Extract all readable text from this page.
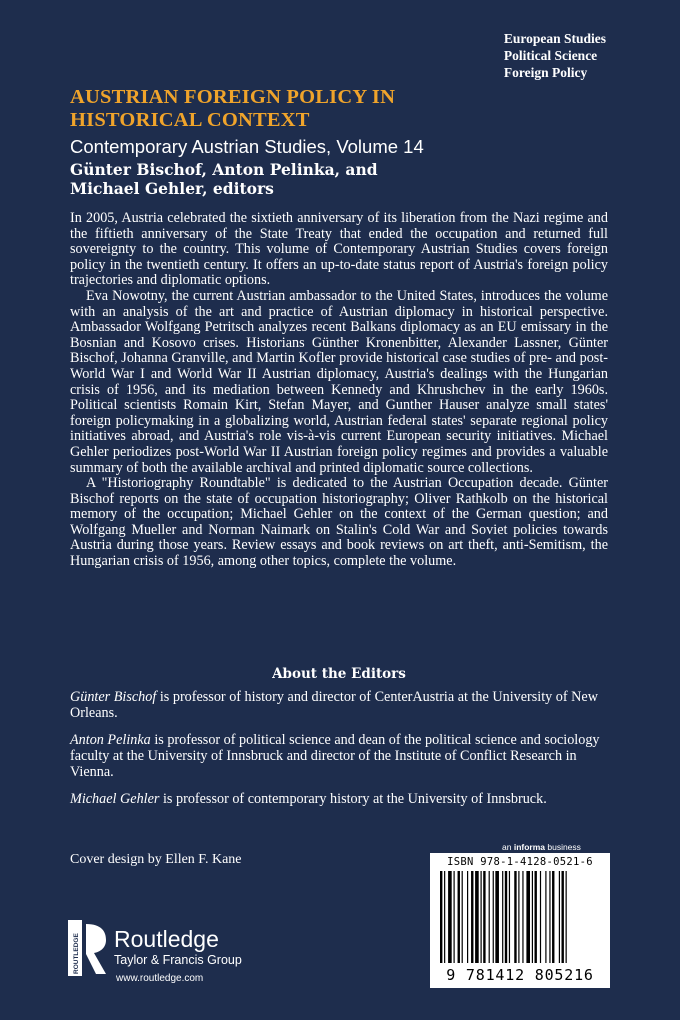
European Studies
Political Science
Foreign Policy
AUSTRIAN FOREIGN POLICY IN HISTORICAL CONTEXT
Contemporary Austrian Studies, Volume 14
Günter Bischof, Anton Pelinka, and Michael Gehler, editors

In 2005, Austria celebrated the sixtieth anniversary of its liberation from the Nazi regime and the fiftieth anniversary of the State Treaty that ended the occupation and returned full sovereignty to the country. This volume of Contemporary Austrian Studies covers foreign policy in the twentieth century. It offers an up-to-date status report of Austria's foreign policy trajectories and diplomatic options.

Eva Nowotny, the current Austrian ambassador to the United States, introduces the volume with an analysis of the art and practice of Austrian diplomacy in historical perspective. Ambassador Wolfgang Petritsch analyzes recent Balkans diplomacy as an EU emissary in the Bosnian and Kosovo crises. Historians Günther Kronenbitter, Alexander Lassner, Günter Bischof, Johanna Granville, and Martin Kofler provide historical case studies of pre- and post-World War I and World War II Austrian diplomacy, Austria's dealings with the Hungarian crisis of 1956, and its mediation between Kennedy and Khrushchev in the early 1960s. Political scientists Romain Kirt, Stefan Mayer, and Gunther Hauser analyze small states' foreign policymaking in a globalizing world, Austrian federal states' separate regional policy initiatives abroad, and Austria's role vis-à-vis current European security initiatives. Michael Gehler periodizes post-World War II Austrian foreign policy regimes and provides a valuable summary of both the available archival and printed diplomatic source collections.

A "Historiography Roundtable" is dedicated to the Austrian Occupation decade. Günter Bischof reports on the state of occupation historiography; Oliver Rathkolb on the historical memory of the occupation; Michael Gehler on the context of the German question; and Wolfgang Mueller and Norman Naimark on Stalin's Cold War and Soviet policies towards Austria during those years. Review essays and book reviews on art theft, anti-Semitism, the Hungarian crisis of 1956, among other topics, complete the volume.

About the Editors

Günter Bischof is professor of history and director of CenterAustria at the University of New Orleans.

Anton Pelinka is professor of political science and dean of the political science and sociology faculty at the University of Innsbruck and director of the Institute of Conflict Research in Vienna.

Michael Gehler is professor of contemporary history at the University of Innsbruck.

Cover design by Ellen F. Kane
an informa business
ISBN 978-1-4128-0521-6
9 781412 805216
ROUTLEDGE Routledge
Taylor & Francis Group
www.routledge.com
